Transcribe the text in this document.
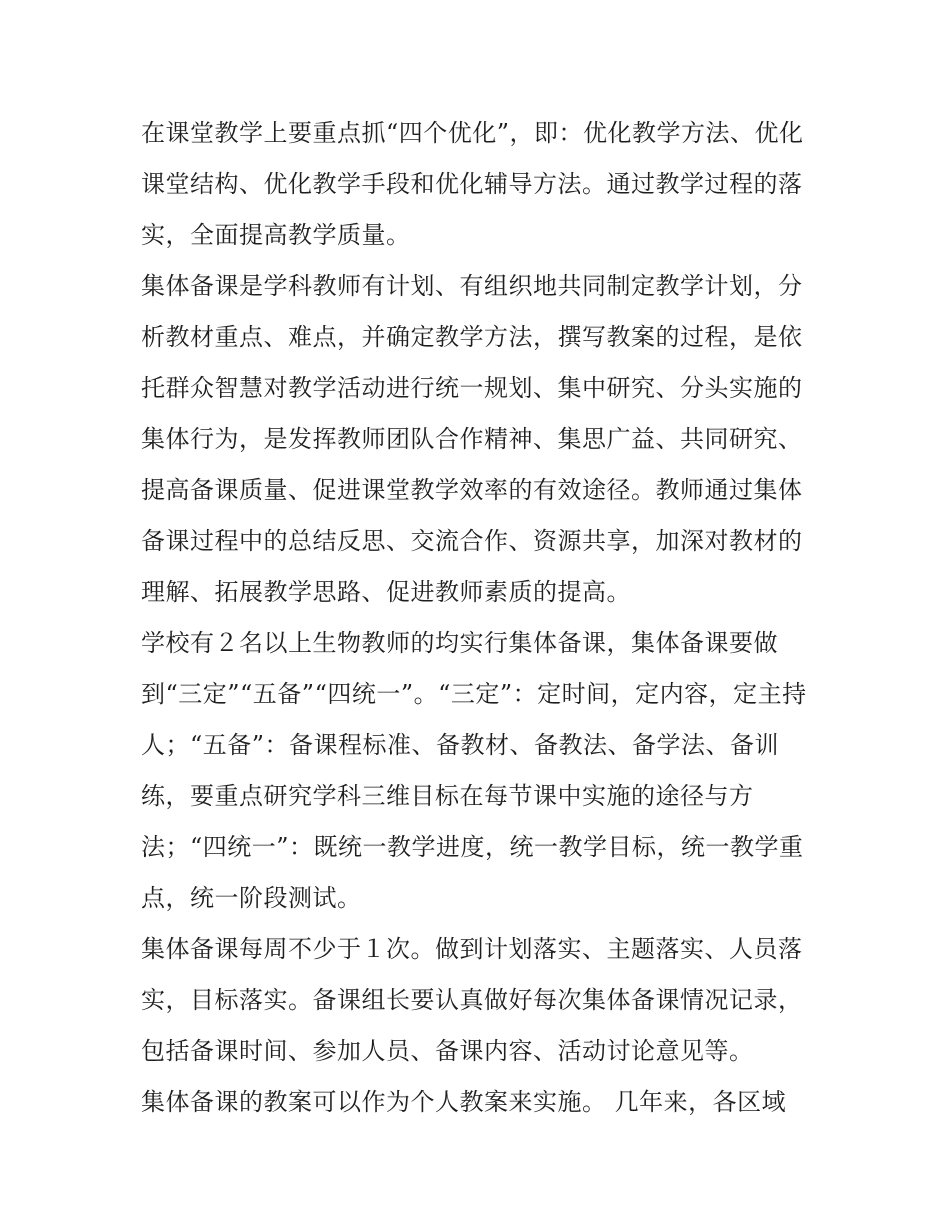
在课堂教学上要重点抓“四个优化”，即：优化教学方法、优化课堂结构、优化教学手段和优化辅导方法。通过教学过程的落实，全面提高教学质量。

集体备课是学科教师有计划、有组织地共同制定教学计划，分析教材重点、难点，并确定教学方法，撰写教案的过程，是依托群众智慧对教学活动进行统一规划、集中研究、分头实施的集体行为，是发挥教师团队合作精神、集思广益、共同研究、提高备课质量、促进课堂教学效率的有效途径。教师通过集体备课过程中的总结反思、交流合作、资源共享，加深对教材的理解、拓展教学思路、促进教师素质的提高。

学校有２名以上生物教师的均实行集体备课，集体备课要做到“三定”“五备”“四统一”。“三定”：定时间，定内容，定主持人；“五备”：备课程标准、备教材、备教法、备学法、备训练，要重点研究学科三维目标在每节课中实施的途径与方法；“四统一”：既统一教学进度，统一教学目标，统一教学重点，统一阶段测试。

集体备课每周不少于１次。做到计划落实、主题落实、人员落实，目标落实。备课组长要认真做好每次集体备课情况记录，包括备课时间、参加人员、备课内容、活动讨论意见等。

集体备课的教案可以作为个人教案来实施。 几年来，各区域
